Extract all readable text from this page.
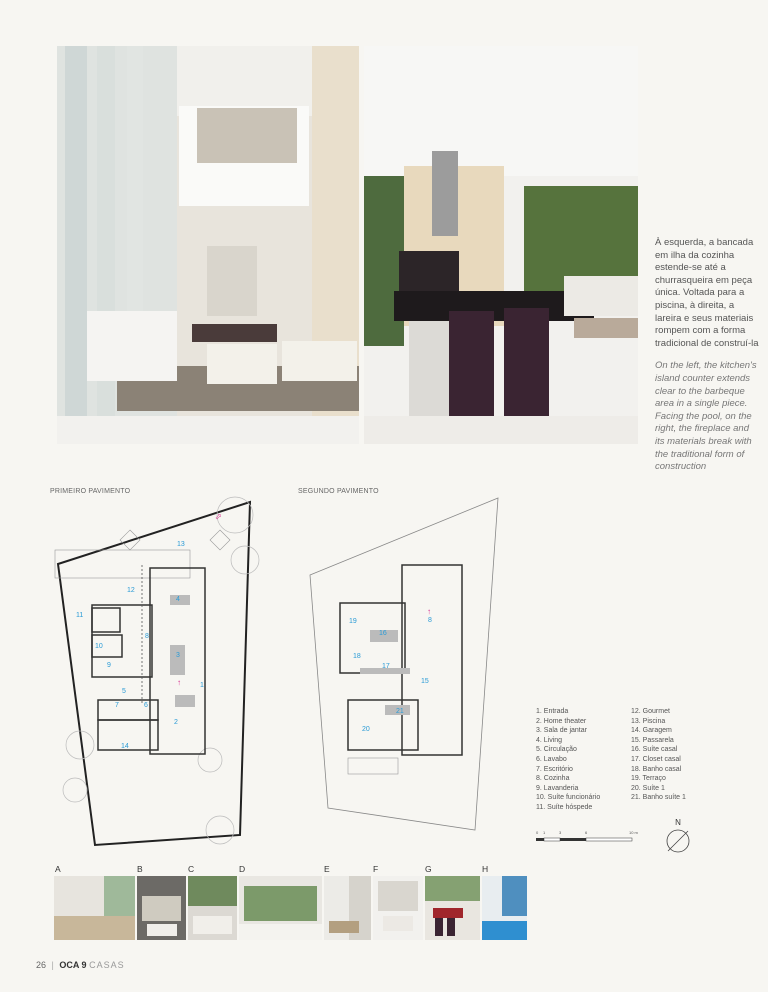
À esquerda, a bancada em ilha da cozinha estende-se até a churrasqueira em peça única. Voltada para a piscina, à direita, a lareira e seus materiais rompem com a forma tradicional de construí-la

On the left, the kitchen's island counter extends clear to the barbeque area in a single piece. Facing the pool, on the right, the fireplace and its materials break with the traditional form of construction

PRIMEIRO PAVIMENTO	SEGUNDO PAVIMENTO
13
12
4
11
8
3
10
9
5
1
7	6
2
14
⬀
↑
↑
8
19
16
18
17
15
21
20
1. Entrada
2. Home theater
3. Sala de jantar
4. Living
5. Circulação
6. Lavabo
7. Escritório
8. Cozinha
9. Lavanderia
10. Suíte funcionário
11. Suíte hóspede
12. Gourmet
13. Piscina
14. Garagem
15. Passarela
16. Suíte casal
17. Closet casal
18. Banho casal
19. Terraço
20. Suíte 1
21. Banho suíte 1
0 1	3	6	10 m
N
A	B	C	D	E	F	G	H
26 | OCA 9 CASAS
